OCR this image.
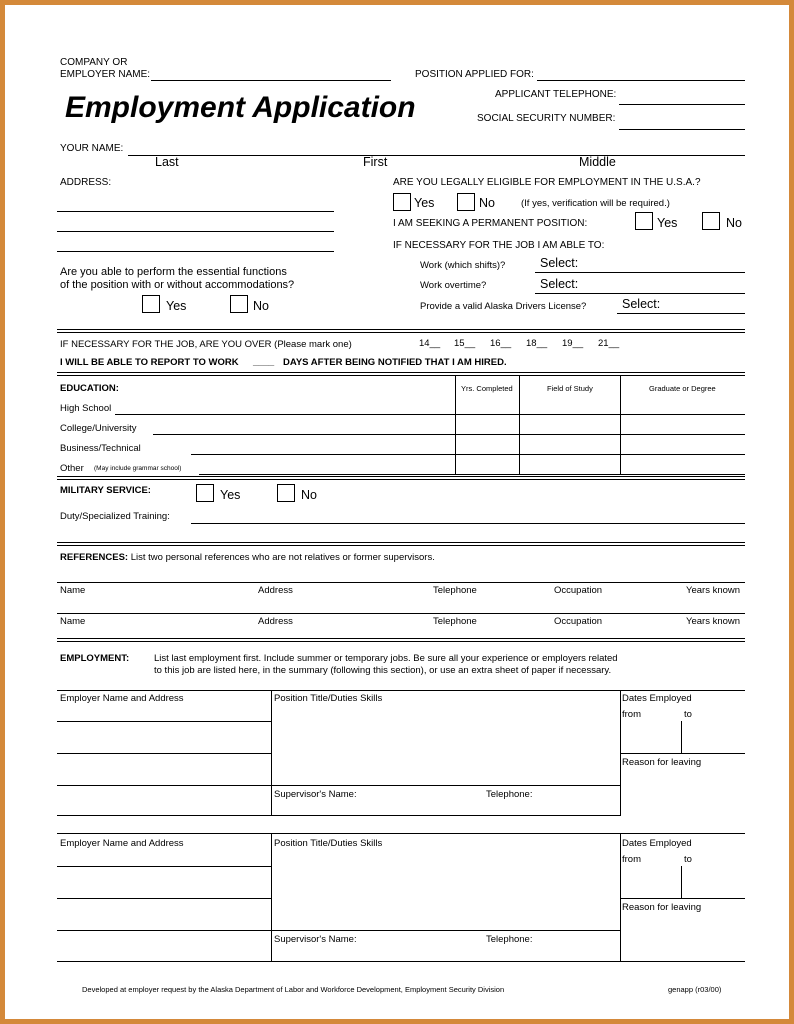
COMPANY OR
EMPLOYER NAME:	POSITION APPLIED FOR:
Employment Application	APPLICANT TELEPHONE:
SOCIAL SECURITY NUMBER:
YOUR NAME:
Last	First	Middle
ADDRESS:	ARE YOU LEGALLY ELIGIBLE FOR EMPLOYMENT IN THE U.S.A.?
Yes	No	(If yes, verification will be required.)
I AM SEEKING A PERMANENT POSITION:	Yes	No
IF NECESSARY FOR THE JOB I AM ABLE TO:
Work (which shifts)?	Select:
Work overtime?	Select:
Provide a valid Alaska Drivers License?	Select:
Are you able to perform the essential functions
of the position with or without accommodations?
Yes	No
IF NECESSARY FOR THE JOB, ARE YOU OVER (Please mark one)	14__ 15__ 16__ 18__ 19__ 21__
I WILL BE ABLE TO REPORT TO WORK ____ DAYS AFTER BEING NOTIFIED THAT I AM HIRED.
EDUCATION:	Yrs. Completed	Field of Study	Graduate or Degree
High School
College/University
Business/Technical
Other (May include grammar school)
MILITARY SERVICE:	Yes	No
Duty/Specialized Training:
REFERENCES: List two personal references who are not relatives or former supervisors.
Name	Address	Telephone	Occupation	Years known
Name	Address	Telephone	Occupation	Years known
EMPLOYMENT:	List last employment first. Include summer or temporary jobs. Be sure all your experience or employers related
to this job are listed here, in the summary (following this section), or use an extra sheet of paper if necessary.
Employer Name and Address	Position Title/Duties Skills
Supervisor's Name:	Telephone:
Dates Employed
from	to
Reason for leaving
Employer Name and Address	Position Title/Duties Skills
Supervisor's Name:	Telephone:
Dates Employed
from	to
Reason for leaving
Developed at employer request by the Alaska Department of Labor and Workforce Development, Employment Security Division	genapp (r03/00)
